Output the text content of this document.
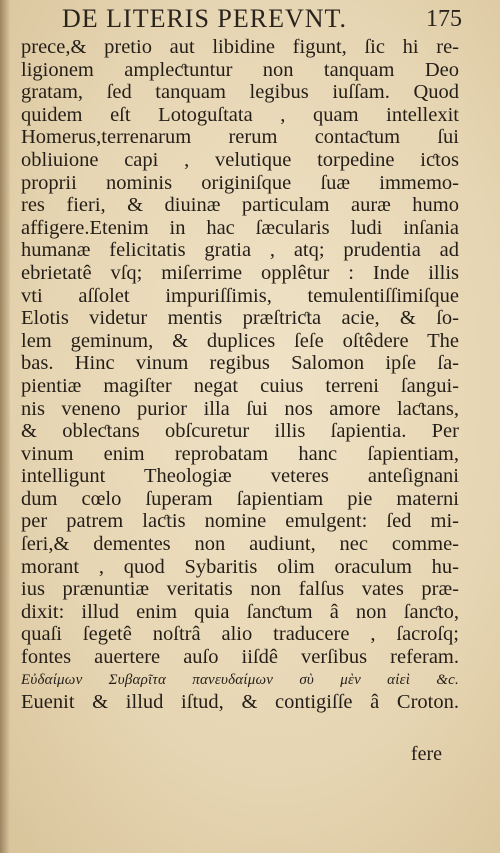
DE LITERIS PEREVNT.	175
prece,& pretio aut libidine figunt, ſic hi re-
ligionem ampleƈtuntur non tanquam Deo
gratam, ſed tanquam legibus iuſſam. Quod
quidem eſt Lotoguſtata , quam intellexit
Homerus,terrenarum rerum contaƈtum ſui
obliuione capi , velutique torpedine iƈtos
proprii nominis originiſque ſuæ immemo-
res fieri, & diuinæ particulam auræ humo
affigere.Etenim in hac ſæcularis ludi inſania
humanæ felicitatis gratia , atq; prudentia ad
ebrietatê vſq; miſerrime opplêtur : Inde illis
vti aſſolet impuriſſimis, temulentiſſimiſque
Elotis videtur mentis præſtriƈta acie, & ſo-
lem geminum, & duplices ſeſe oſtêdere The
bas. Hinc vinum regibus Salomon ipſe ſa-
pientiæ magiſter negat cuius terreni ſangui-
nis veneno purior illa ſui nos amore laƈtans,
& obleƈtans obſcuretur illis ſapientia. Per
vinum enim reprobatam hanc ſapientiam,
intelligunt Theologiæ veteres anteſignani
dum cœlo ſuperam ſapientiam pie materni
per patrem laƈtis nomine emulgent: ſed mi-
ſeri,& dementes non audiunt, nec comme-
morant , quod Sybaritis olim oraculum hu-
ius prænuntiæ veritatis non falſus vates præ-
dixit: illud enim quia ſanƈtum â non ſanƈto,
quaſi ſegetê noſtrâ alio traducere , ſacroſq;
fontes auertere auſo iiſdê verſibus referam.
Εὐδαίμων Συβαρῖτα πανευδαίμων σὺ μὲν αἰεὶ &c.
Euenit & illud iſtud, & contigiſſe â Croton.
fere
